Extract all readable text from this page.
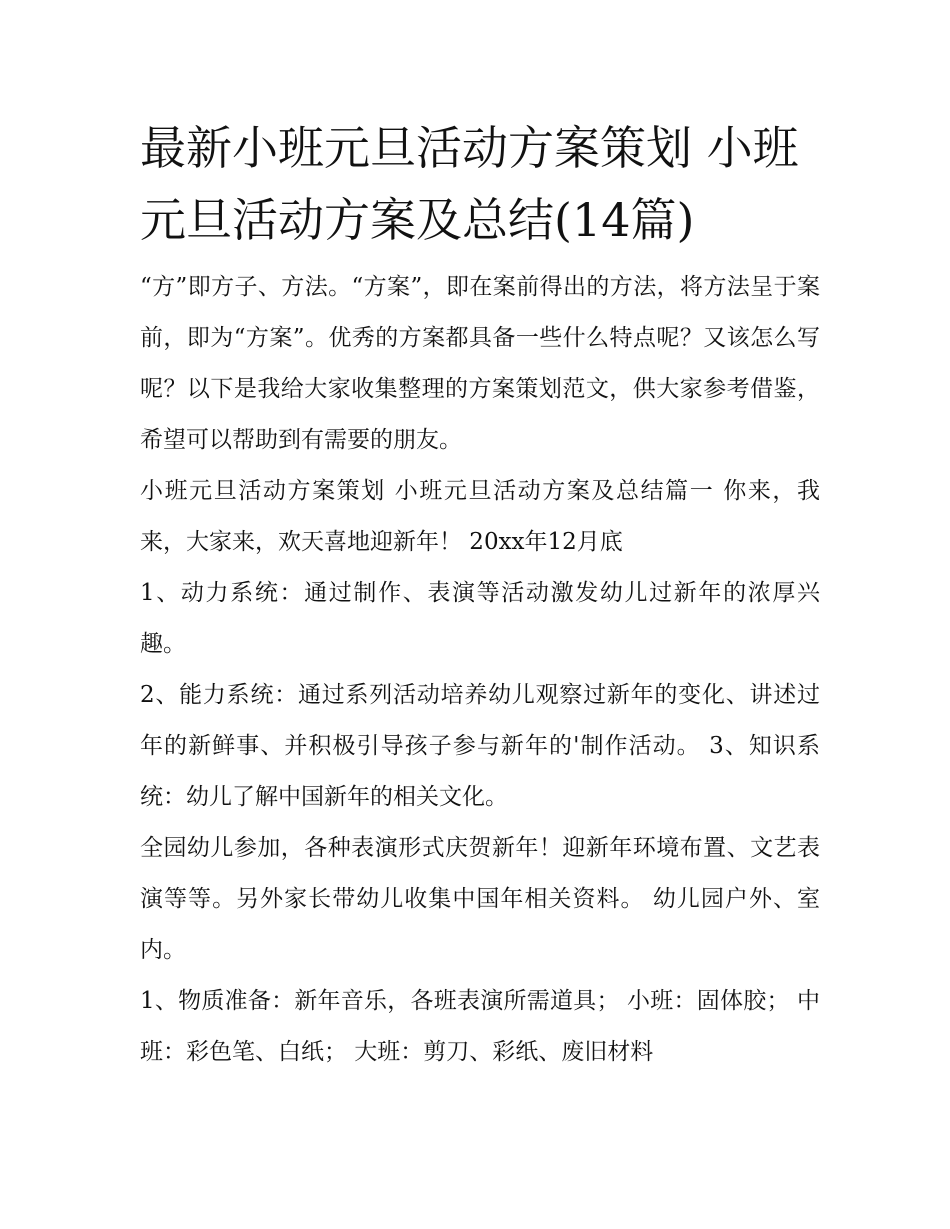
最新小班元旦活动方案策划 小班元旦活动方案及总结(14篇)

“方”即方子、方法。“方案”，即在案前得出的方法，将方法呈于案前，即为“方案”。优秀的方案都具备一些什么特点呢？又该怎么写呢？以下是我给大家收集整理的方案策划范文，供大家参考借鉴，希望可以帮助到有需要的朋友。

小班元旦活动方案策划 小班元旦活动方案及总结篇一 你来，我来，大家来，欢天喜地迎新年！ 20xx年12月底

1、动力系统：通过制作、表演等活动激发幼儿过新年的浓厚兴趣。

2、能力系统：通过系列活动培养幼儿观察过新年的变化、讲述过年的新鲜事、并积极引导孩子参与新年的'制作活动。 3、知识系统：幼儿了解中国新年的相关文化。

全园幼儿参加，各种表演形式庆贺新年！迎新年环境布置、文艺表演等等。另外家长带幼儿收集中国年相关资料。 幼儿园户外、室内。

1、物质准备：新年音乐，各班表演所需道具； 小班：固体胶； 中班：彩色笔、白纸； 大班：剪刀、彩纸、废旧材料
